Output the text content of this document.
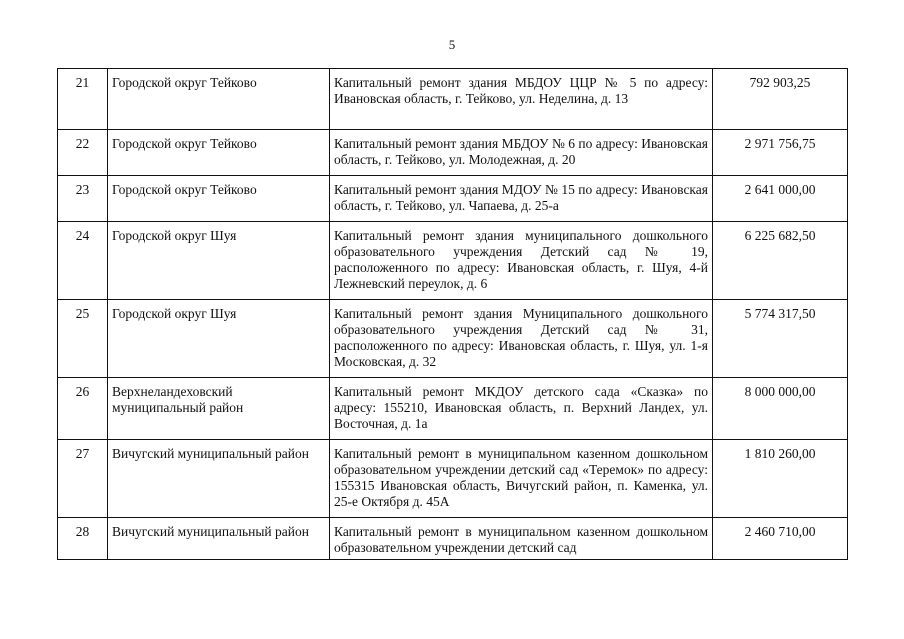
5
21	Городской округ Тейково	Капитальный ремонт здания МБДОУ ЦЦР № 5 по адресу: Ивановская область, г. Тейково, ул. Неделина, д. 13	792 903,25
22	Городской округ Тейково	Капитальный ремонт здания МБДОУ № 6 по адресу: Ивановская область, г. Тейково, ул. Молодежная, д. 20	2 971 756,75
23	Городской округ Тейково	Капитальный ремонт здания МДОУ № 15 по адресу: Ивановская область, г. Тейково, ул. Чапаева, д. 25-а	2 641 000,00
24	Городской округ Шуя	Капитальный ремонт здания муниципального дошкольного образовательного учреждения Детский сад № 19, расположенного по адресу: Ивановская область, г. Шуя, 4-й Лежневский переулок, д. 6	6 225 682,50
25	Городской округ Шуя	Капитальный ремонт здания Муниципального дошкольного образовательного учреждения Детский сад № 31, расположенного по адресу: Ивановская область, г. Шуя, ул. 1-я Московская, д. 32	5 774 317,50
26	Верхнеландеховский муниципальный район	Капитальный ремонт МКДОУ детского сада «Сказка» по адресу: 155210, Ивановская область, п. Верхний Ландех, ул. Восточная, д. 1а	8 000 000,00
27	Вичугский муниципальный район	Капитальный ремонт в муниципальном казенном дошкольном образовательном учреждении детский сад «Теремок» по адресу: 155315 Ивановская область, Вичугский район, п. Каменка, ул. 25-е Октября д. 45А	1 810 260,00
28	Вичугский муниципальный район	Капитальный ремонт в муниципальном казенном дошкольном образовательном учреждении детский сад	2 460 710,00
